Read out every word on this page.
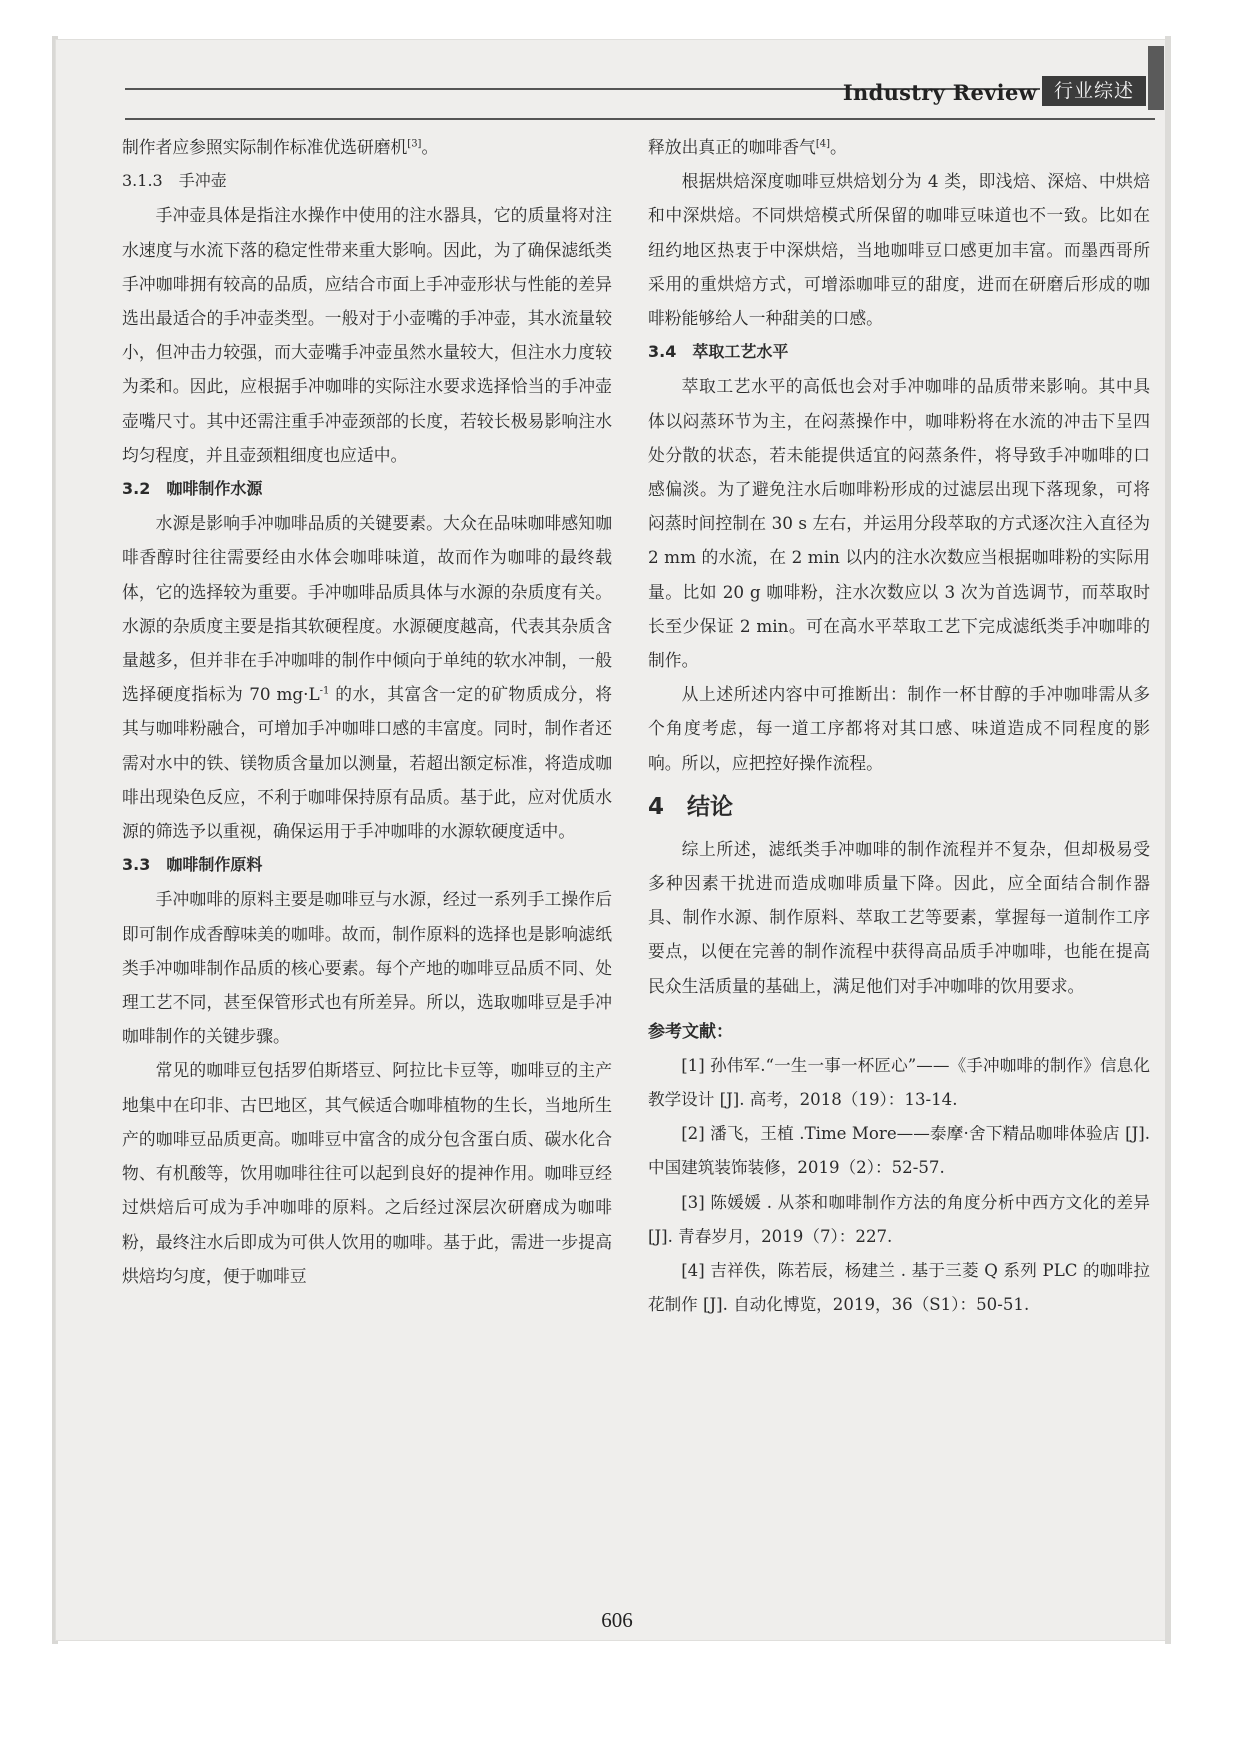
Industry Review 行业综述

制作者应参照实际制作标准优选研磨机[3]。

3.1.3　手冲壶

手冲壶具体是指注水操作中使用的注水器具，它的质量将对注水速度与水流下落的稳定性带来重大影响。因此，为了确保滤纸类手冲咖啡拥有较高的品质，应结合市面上手冲壶形状与性能的差异选出最适合的手冲壶类型。一般对于小壶嘴的手冲壶，其水流量较小，但冲击力较强，而大壶嘴手冲壶虽然水量较大，但注水力度较为柔和。因此，应根据手冲咖啡的实际注水要求选择恰当的手冲壶壶嘴尺寸。其中还需注重手冲壶颈部的长度，若较长极易影响注水均匀程度，并且壶颈粗细度也应适中。

3.2　咖啡制作水源

水源是影响手冲咖啡品质的关键要素。大众在品味咖啡感知咖啡香醇时往往需要经由水体会咖啡味道，故而作为咖啡的最终载体，它的选择较为重要。手冲咖啡品质具体与水源的杂质度有关。水源的杂质度主要是指其软硬程度。水源硬度越高，代表其杂质含量越多，但并非在手冲咖啡的制作中倾向于单纯的软水冲制，一般选择硬度指标为 70 $mg\cdot L^{-1}$ 的水，其富含一定的矿物质成分，将其与咖啡粉融合，可增加手冲咖啡口感的丰富度。同时，制作者还需对水中的铁、镁物质含量加以测量，若超出额定标准，将造成咖啡出现染色反应，不利于咖啡保持原有品质。基于此，应对优质水源的筛选予以重视，确保运用于手冲咖啡的水源软硬度适中。

3.3　咖啡制作原料

手冲咖啡的原料主要是咖啡豆与水源，经过一系列手工操作后即可制作成香醇味美的咖啡。故而，制作原料的选择也是影响滤纸类手冲咖啡制作品质的核心要素。每个产地的咖啡豆品质不同、处理工艺不同，甚至保管形式也有所差异。所以，选取咖啡豆是手冲咖啡制作的关键步骤。

常见的咖啡豆包括罗伯斯塔豆、阿拉比卡豆等，咖啡豆的主产地集中在印非、古巴地区，其气候适合咖啡植物的生长，当地所生产的咖啡豆品质更高。咖啡豆中富含的成分包含蛋白质、碳水化合物、有机酸等，饮用咖啡往往可以起到良好的提神作用。咖啡豆经过烘焙后可成为手冲咖啡的原料。之后经过深层次研磨成为咖啡粉，最终注水后即成为可供人饮用的咖啡。基于此，需进一步提高烘焙均匀度，便于咖啡豆

释放出真正的咖啡香气[4]。

根据烘焙深度咖啡豆烘焙划分为 4 类，即浅焙、深焙、中烘焙和中深烘焙。不同烘焙模式所保留的咖啡豆味道也不一致。比如在纽约地区热衷于中深烘焙，当地咖啡豆口感更加丰富。而墨西哥所采用的重烘焙方式，可增添咖啡豆的甜度，进而在研磨后形成的咖啡粉能够给人一种甜美的口感。

3.4　萃取工艺水平

萃取工艺水平的高低也会对手冲咖啡的品质带来影响。其中具体以闷蒸环节为主，在闷蒸操作中，咖啡粉将在水流的冲击下呈四处分散的状态，若未能提供适宜的闷蒸条件，将导致手冲咖啡的口感偏淡。为了避免注水后咖啡粉形成的过滤层出现下落现象，可将闷蒸时间控制在 30 s 左右，并运用分段萃取的方式逐次注入直径为 2 mm 的水流，在 2 min 以内的注水次数应当根据咖啡粉的实际用量。比如 20 g 咖啡粉，注水次数应以 3 次为首选调节，而萃取时长至少保证 2 min。可在高水平萃取工艺下完成滤纸类手冲咖啡的制作。

从上述所述内容中可推断出：制作一杯甘醇的手冲咖啡需从多个角度考虑，每一道工序都将对其口感、味道造成不同程度的影响。所以，应把控好操作流程。

4　结论

综上所述，滤纸类手冲咖啡的制作流程并不复杂，但却极易受多种因素干扰进而造成咖啡质量下降。因此，应全面结合制作器具、制作水源、制作原料、萃取工艺等要素，掌握每一道制作工序要点，以便在完善的制作流程中获得高品质手冲咖啡，也能在提高民众生活质量的基础上，满足他们对手冲咖啡的饮用要求。

参考文献：

[1] 孙伟军.“一生一事一杯匠心”——《手冲咖啡的制作》信息化教学设计 [J]. 高考，2018（19）：13-14.

[2] 潘飞，王植 .Time More——泰摩·舍下精品咖啡体验店 [J]. 中国建筑装饰装修，2019（2）：52-57.

[3] 陈媛媛 . 从茶和咖啡制作方法的角度分析中西方文化的差异 [J]. 青春岁月，2019（7）：227.

[4] 吉祥佚，陈若辰，杨建兰 . 基于三菱 Q 系列 PLC 的咖啡拉花制作 [J]. 自动化博览，2019，36（S1）：50-51.

606
